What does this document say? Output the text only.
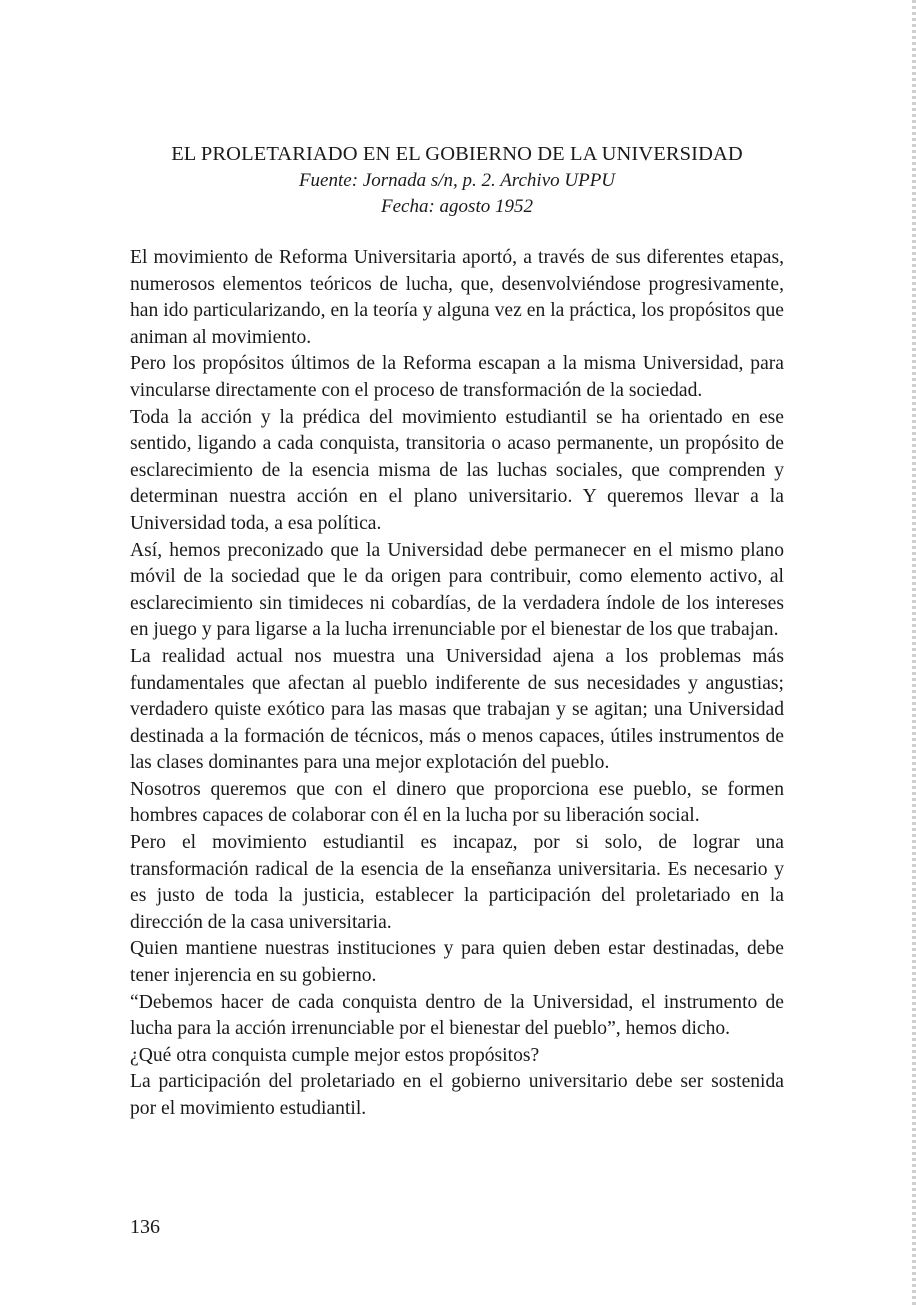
EL PROLETARIADO EN EL GOBIERNO DE LA UNIVERSIDAD
Fuente: Jornada s/n, p. 2. Archivo UPPU
Fecha: agosto 1952

El movimiento de Reforma Universitaria aportó, a través de sus diferentes etapas, numerosos elementos teóricos de lucha, que, desenvolviéndose progresivamente, han ido particularizando, en la teoría y alguna vez en la práctica, los propósitos que animan al movimiento.

Pero los propósitos últimos de la Reforma escapan a la misma Universidad, para vincularse directamente con el proceso de transformación de la sociedad.

Toda la acción y la prédica del movimiento estudiantil se ha orientado en ese sentido, ligando a cada conquista, transitoria o acaso permanente, un propósito de esclarecimiento de la esencia misma de las luchas sociales, que comprenden y determinan nuestra acción en el plano universitario. Y queremos llevar a la Universidad toda, a esa política.

Así, hemos preconizado que la Universidad debe permanecer en el mismo plano móvil de la sociedad que le da origen para contribuir, como elemento activo, al esclarecimiento sin timideces ni cobardías, de la verdadera índole de los intereses en juego y para ligarse a la lucha irrenunciable por el bienestar de los que trabajan.

La realidad actual nos muestra una Universidad ajena a los problemas más fundamentales que afectan al pueblo indiferente de sus necesidades y angustias; verdadero quiste exótico para las masas que trabajan y se agitan; una Universidad destinada a la formación de técnicos, más o menos capaces, útiles instrumentos de las clases dominantes para una mejor explotación del pueblo.

Nosotros queremos que con el dinero que proporciona ese pueblo, se formen hombres capaces de colaborar con él en la lucha por su liberación social.

Pero el movimiento estudiantil es incapaz, por si solo, de lograr una transformación radical de la esencia de la enseñanza universitaria. Es necesario y es justo de toda la justicia, establecer la participación del proletariado en la dirección de la casa universitaria.

Quien mantiene nuestras instituciones y para quien deben estar destinadas, debe tener injerencia en su gobierno.

“Debemos hacer de cada conquista dentro de la Universidad, el instrumento de lucha para la acción irrenunciable por el bienestar del pueblo”, hemos dicho.

¿Qué otra conquista cumple mejor estos propósitos?

La participación del proletariado en el gobierno universitario debe ser sostenida por el movimiento estudiantil.

136
